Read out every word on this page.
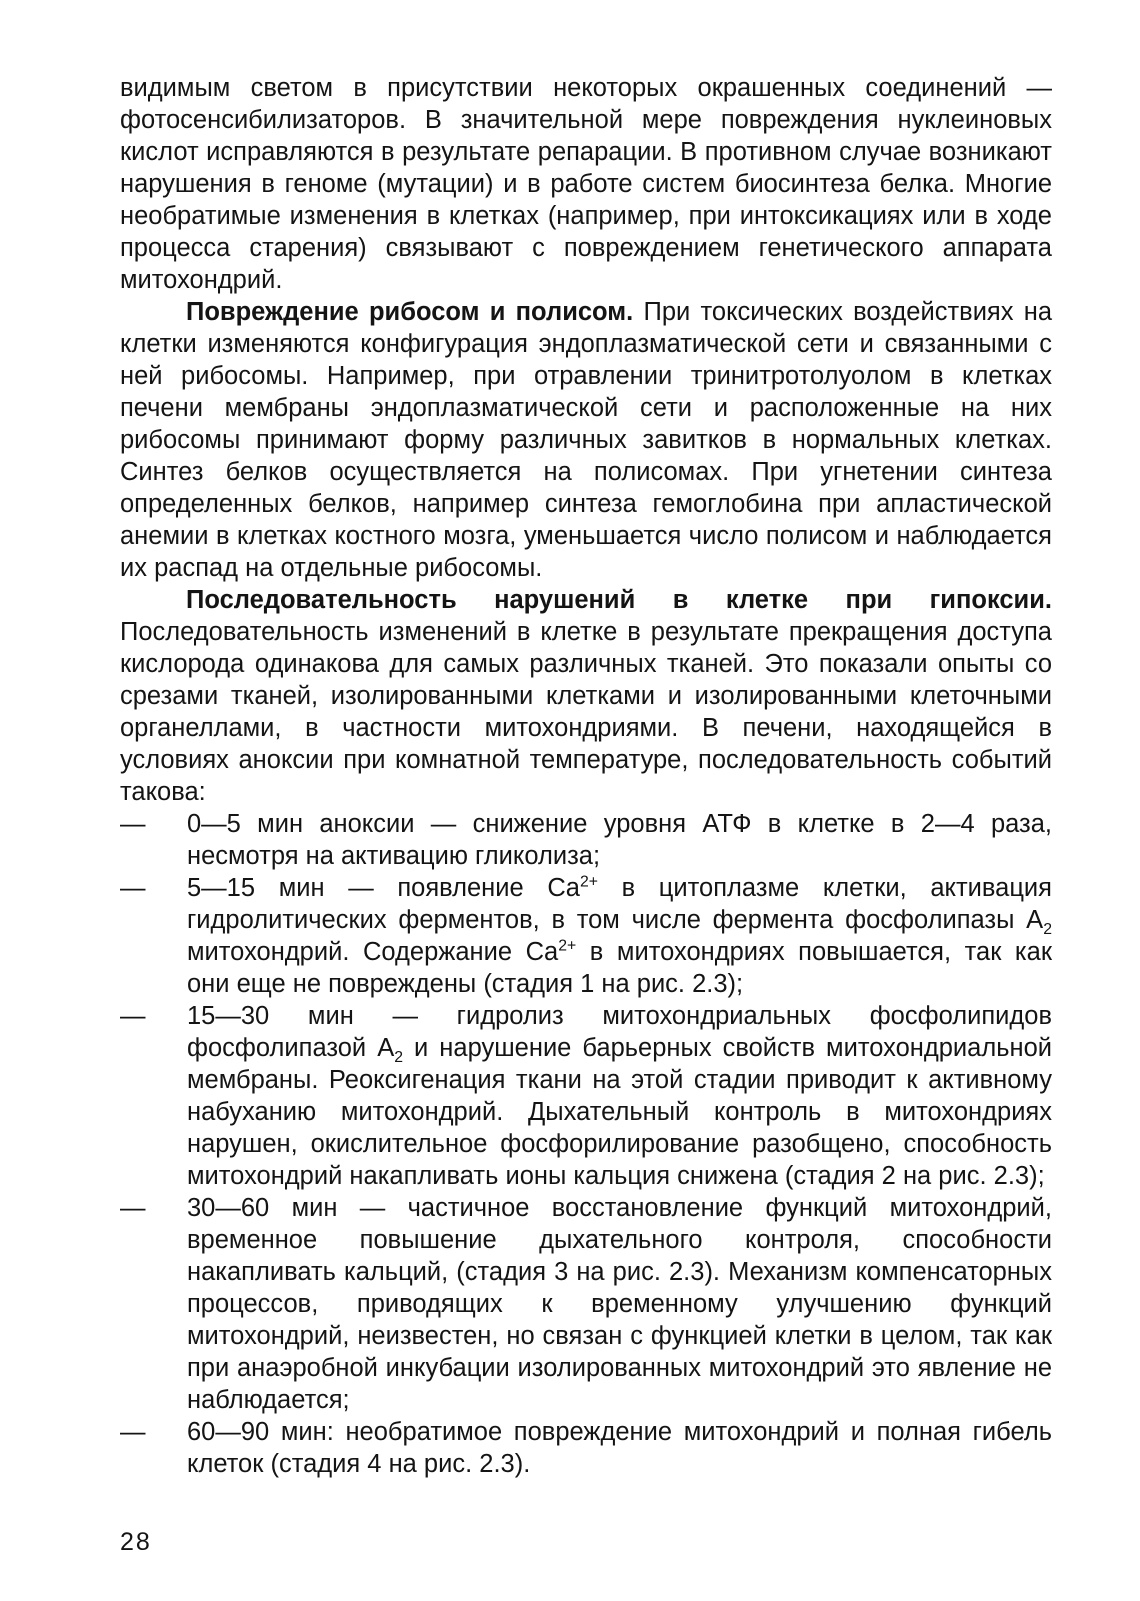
видимым светом в присутствии некоторых окрашенных соединений — фотосенсибилизаторов. В значительной мере повреждения нуклеиновых кислот исправляются в результате репарации. В противном случае возникают нарушения в геноме (мутации) и в работе систем биосинтеза белка. Многие необратимые изменения в клетках (например, при интоксикациях или в ходе процесса старения) связывают с повреждением генетического аппарата митохондрий.

Повреждение рибосом и полисом. При токсических воздействиях на клетки изменяются конфигурация эндоплазматической сети и связанными с ней рибосомы. Например, при отравлении тринитротолуолом в клетках печени мембраны эндоплазматической сети и расположенные на них рибосомы принимают форму различных завитков в нормальных клетках. Синтез белков осуществляется на полисомах. При угнетении синтеза определенных белков, например синтеза гемоглобина при апластической анемии в клетках костного мозга, уменьшается число полисом и наблюдается их распад на отдельные рибосомы.

Последовательность нарушений в клетке при гипоксии. Последовательность изменений в клетке в результате прекращения доступа кислорода одинакова для самых различных тканей. Это показали опыты со срезами тканей, изолированными клетками и изолированными клеточными органеллами, в частности митохондриями. В печени, находящейся в условиях аноксии при комнатной температуре, последовательность событий такова:

—	0—5 мин аноксии — снижение уровня АТФ в клетке в 2—4 раза, несмотря на активацию гликолиза;
—	5—15 мин — появление $Ca^{2+}$ в цитоплазме клетки, активация гидролитических ферментов, в том числе фермента фосфолипазы $A_2$ митохондрий. Содержание $Ca^{2+}$ в митохондриях повышается, так как они еще не повреждены (стадия 1 на рис. 2.3);
—	15—30 мин — гидролиз митохондриальных фосфолипидов фосфолипазой $A_2$ и нарушение барьерных свойств митохондриальной мембраны. Реоксигенация ткани на этой стадии приводит к активному набуханию митохондрий. Дыхательный контроль в митохондриях нарушен, окислительное фосфорилирование разобщено, способность митохондрий накапливать ионы кальция снижена (стадия 2 на рис. 2.3);
—	30—60 мин — частичное восстановление функций митохондрий, временное повышение дыхательного контроля, способности накапливать кальций, (стадия 3 на рис. 2.3). Механизм компенсаторных процессов, приводящих к временному улучшению функций митохондрий, неизвестен, но связан с функцией клетки в целом, так как при анаэробной инкубации изолированных митохондрий это явление не наблюдается;
—	60—90 мин: необратимое повреждение митохондрий и полная гибель клеток (стадия 4 на рис. 2.3).
28
